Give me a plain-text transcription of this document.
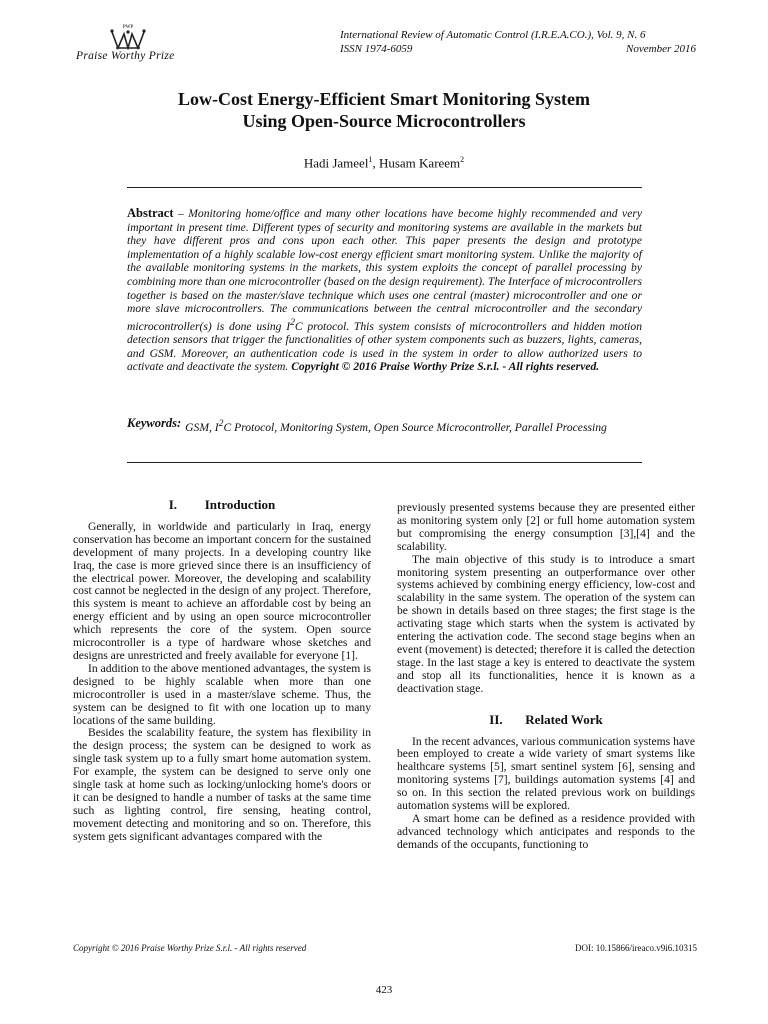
PWP
Praise Worthy Prize
International Review of Automatic Control (I.R.E.A.CO.), Vol. 9, N. 6
ISSN 1974-6059	November 2016
Low-Cost Energy-Efficient Smart Monitoring System
Using Open-Source Microcontrollers
Hadi Jameel$^1$, Husam Kareem$^2$
Abstract – Monitoring home/office and many other locations have become highly recommended and very important in present time. Different types of security and monitoring systems are available in the markets but they have different pros and cons upon each other. This paper presents the design and prototype implementation of a highly scalable low-cost energy efficient smart monitoring system. Unlike the majority of the available monitoring systems in the markets, this system exploits the concept of parallel processing by combining more than one microcontroller (based on the design requirement). The Interface of microcontrollers together is based on the master/slave technique which uses one central (master) microcontroller and one or more slave microcontrollers. The communications between the central microcontroller and the secondary microcontroller(s) is done using $I^2C$ protocol. This system consists of microcontrollers and hidden motion detection sensors that trigger the functionalities of other system components such as buzzers, lights, cameras, and GSM. Moreover, an authentication code is used in the system in order to allow authorized users to activate and deactivate the system. Copyright © 2016 Praise Worthy Prize S.r.l. - All rights reserved.
Keywords: GSM, $I^2C$ Protocol, Monitoring System, Open Source Microcontroller, Parallel Processing
I. Introduction

Generally, in worldwide and particularly in Iraq, energy conservation has become an important concern for the sustained development of many projects. In a developing country like Iraq, the case is more grieved since there is an insufficiency of the electrical power. Moreover, the developing and scalability cost cannot be neglected in the design of any project. Therefore, this system is meant to achieve an affordable cost by being an energy efficient and by using an open source microcontroller which represents the core of the system. Open source microcontroller is a type of hardware whose sketches and designs are unrestricted and freely available for everyone [1].

In addition to the above mentioned advantages, the system is designed to be highly scalable when more than one microcontroller is used in a master/slave scheme. Thus, the system can be designed to fit with one location up to many locations of the same building.

Besides the scalability feature, the system has flexibility in the design process; the system can be designed to work as single task system up to a fully smart home automation system. For example, the system can be designed to serve only one single task at home such as locking/unlocking home's doors or it can be designed to handle a number of tasks at the same time such as lighting control, fire sensing, heating control, movement detecting and monitoring and so on. Therefore, this system gets significant advantages compared with the

previously presented systems because they are presented either as monitoring system only [2] or full home automation system but compromising the energy consumption [3],[4] and the scalability.

The main objective of this study is to introduce a smart monitoring system presenting an outperformance over other systems achieved by combining energy efficiency, low-cost and scalability in the same system. The operation of the system can be shown in details based on three stages; the first stage is the activating stage which starts when the system is activated by entering the activation code. The second stage begins when an event (movement) is detected; therefore it is called the detection stage. In the last stage a key is entered to deactivate the system and stop all its functionalities, hence it is known as a deactivation stage.

II. Related Work

In the recent advances, various communication systems have been employed to create a wide variety of smart systems like healthcare systems [5], smart sentinel system [6], sensing and monitoring systems [7], buildings automation systems [4] and so on. In this section the related previous work on buildings automation systems will be explored.

A smart home can be defined as a residence provided with advanced technology which anticipates and responds to the demands of the occupants, functioning to

Copyright © 2016 Praise Worthy Prize S.r.l. - All rights reserved	DOI: 10.15866/ireaco.v9i6.10315
423
